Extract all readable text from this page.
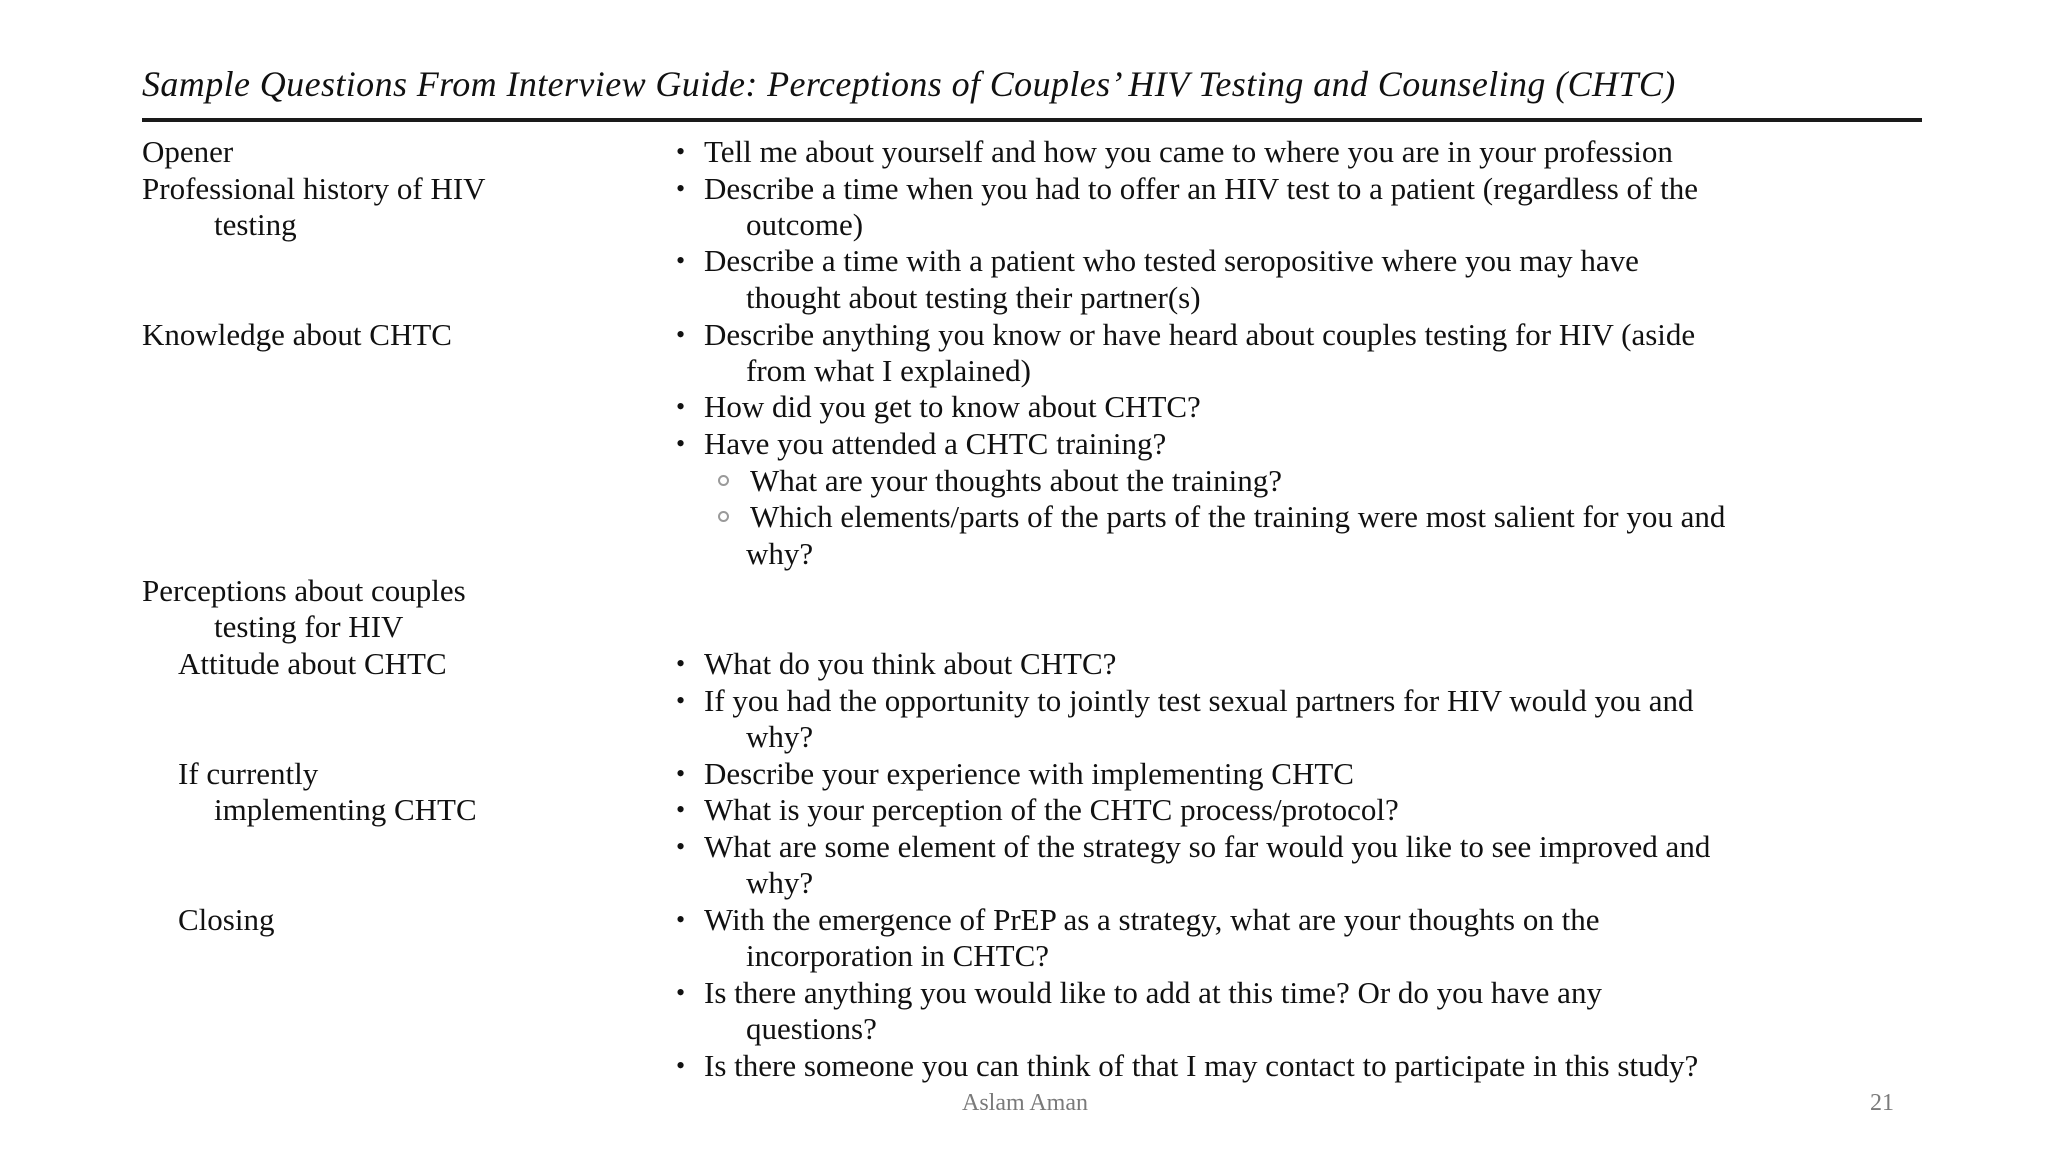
Sample Questions From Interview Guide: Perceptions of Couples’ HIV Testing and Counseling (CHTC)
Opener	• Tell me about yourself and how you came to where you are in your profession
Professional history of HIV	• Describe a time when you had to offer an HIV test to a patient (regardless of the
testing	outcome)
• Describe a time with a patient who tested seropositive where you may have
thought about testing their partner(s)
Knowledge about CHTC	• Describe anything you know or have heard about couples testing for HIV (aside
from what I explained)
• How did you get to know about CHTC?
• Have you attended a CHTC training?
What are your thoughts about the training?
Which elements/parts of the parts of the training were most salient for you and
why?
Perceptions about couples
testing for HIV
Attitude about CHTC	• What do you think about CHTC?
• If you had the opportunity to jointly test sexual partners for HIV would you and
why?
If currently	• Describe your experience with implementing CHTC
implementing CHTC	• What is your perception of the CHTC process/protocol?
• What are some element of the strategy so far would you like to see improved and
why?
Closing	• With the emergence of PrEP as a strategy, what are your thoughts on the
incorporation in CHTC?
• Is there anything you would like to add at this time? Or do you have any
questions?
• Is there someone you can think of that I may contact to participate in this study?
Aslam Aman	21
